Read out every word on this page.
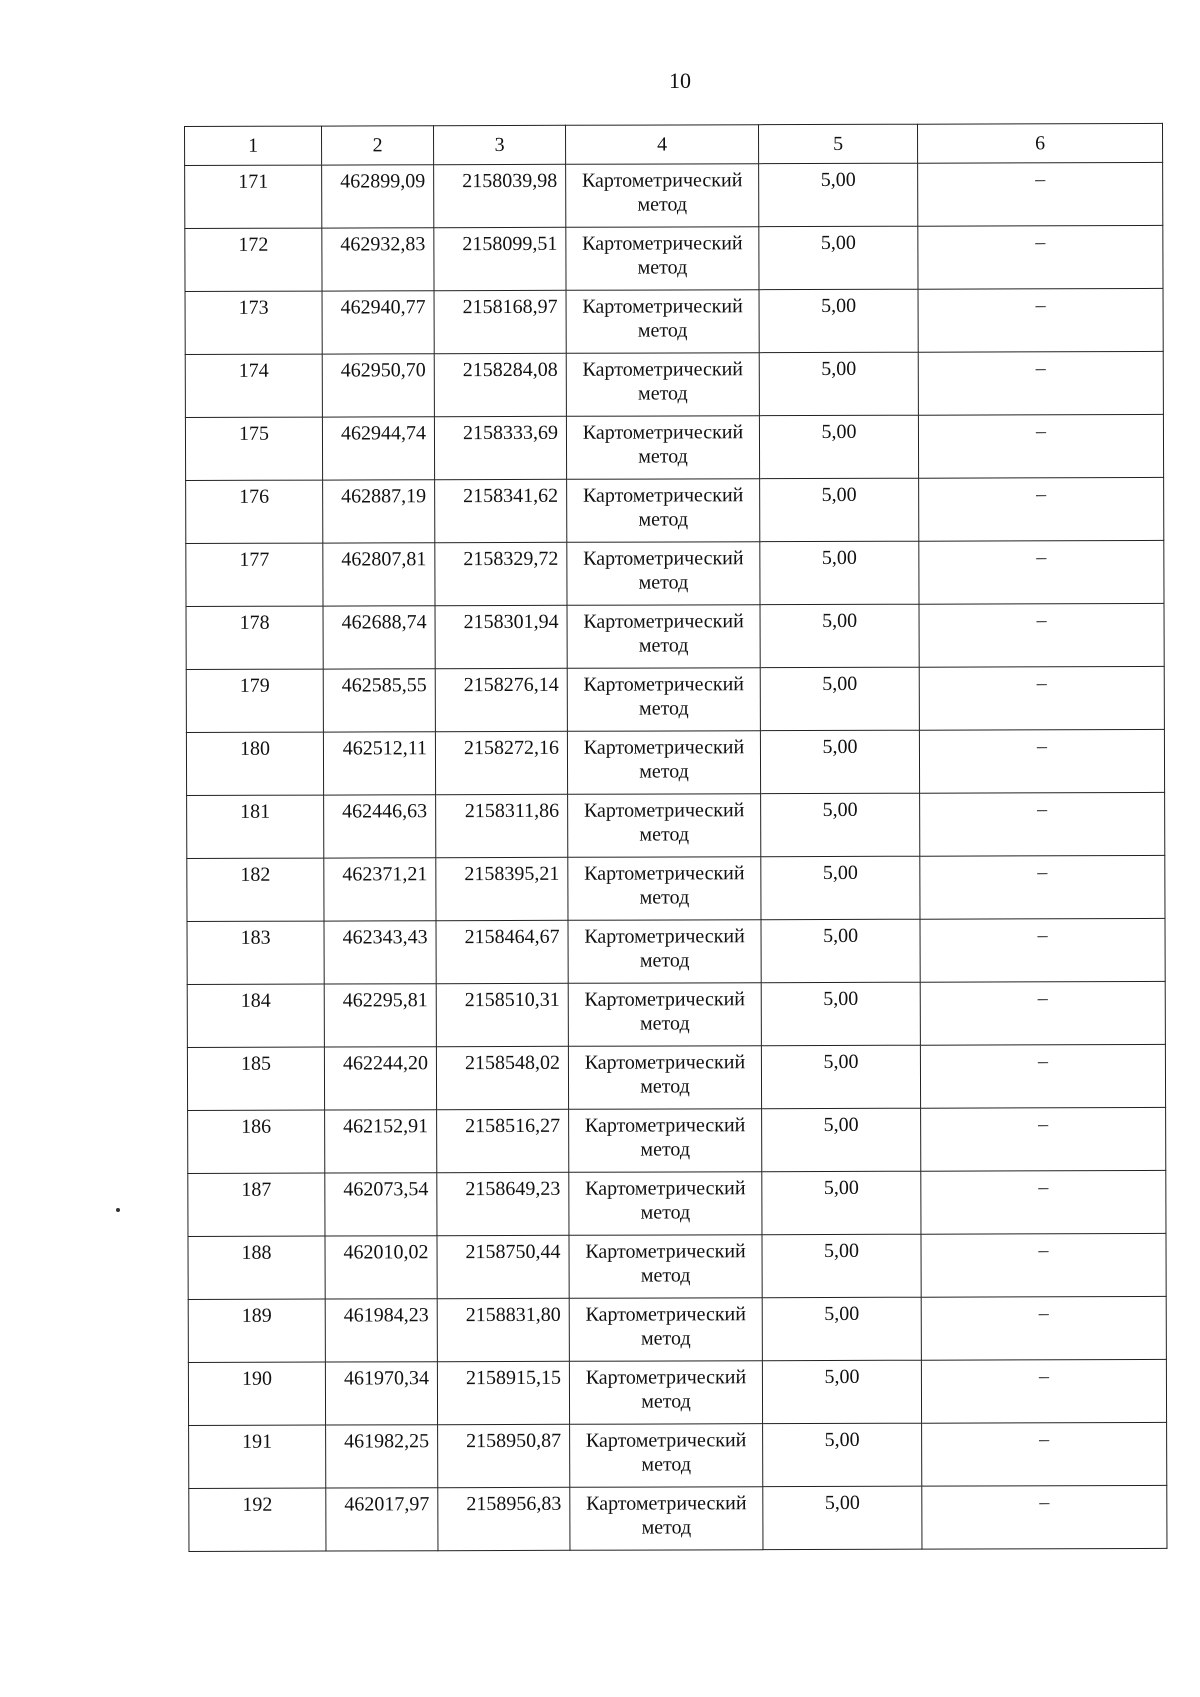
10
1	2	3	4	5	6
171	462899,09	2158039,98	Картометрический метод	5,00	–
172	462932,83	2158099,51	Картометрический метод	5,00	–
173	462940,77	2158168,97	Картометрический метод	5,00	–
174	462950,70	2158284,08	Картометрический метод	5,00	–
175	462944,74	2158333,69	Картометрический метод	5,00	–
176	462887,19	2158341,62	Картометрический метод	5,00	–
177	462807,81	2158329,72	Картометрический метод	5,00	–
178	462688,74	2158301,94	Картометрический метод	5,00	–
179	462585,55	2158276,14	Картометрический метод	5,00	–
180	462512,11	2158272,16	Картометрический метод	5,00	–
181	462446,63	2158311,86	Картометрический метод	5,00	–
182	462371,21	2158395,21	Картометрический метод	5,00	–
183	462343,43	2158464,67	Картометрический метод	5,00	–
184	462295,81	2158510,31	Картометрический метод	5,00	–
185	462244,20	2158548,02	Картометрический метод	5,00	–
186	462152,91	2158516,27	Картометрический метод	5,00	–
187	462073,54	2158649,23	Картометрический метод	5,00	–
188	462010,02	2158750,44	Картометрический метод	5,00	–
189	461984,23	2158831,80	Картометрический метод	5,00	–
190	461970,34	2158915,15	Картометрический метод	5,00	–
191	461982,25	2158950,87	Картометрический метод	5,00	–
192	462017,97	2158956,83	Картометрический метод	5,00	–
